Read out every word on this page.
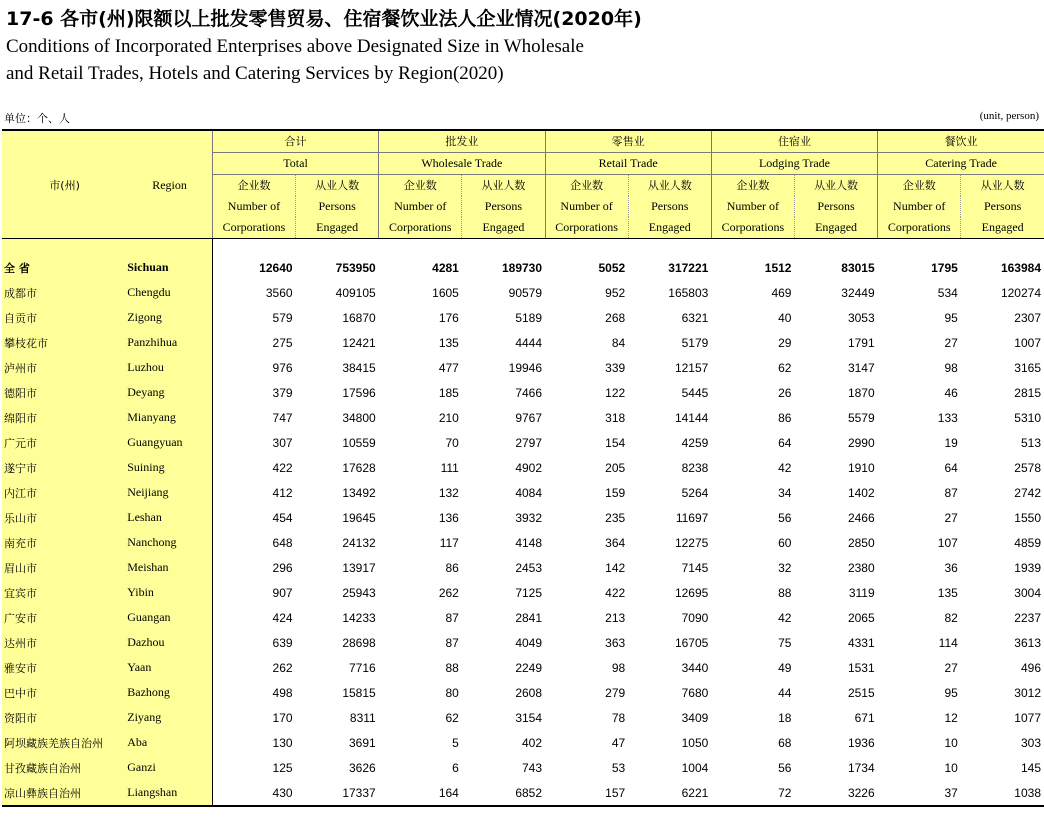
17-6 各市(州)限额以上批发零售贸易、住宿餐饮业法人企业情况(2020年)
Conditions of Incorporated Enterprises above Designated Size in Wholesale
and Retail Trades, Hotels and Catering Services by Region(2020)
单位：个、人	(unit, person)
		合计		批发业		零售业		住宿业		餐饮业	
		Total		Wholesale Trade		Retail Trade		Lodging Trade		Catering Trade	
市(州)	Region	企业数	从业人数	企业数	从业人数	企业数	从业人数	企业数	从业人数	企业数	从业人数
		Number of	Persons	Number of	Persons	Number of	Persons	Number of	Persons	Number of	Persons
		Corporations	Engaged	Corporations	Engaged	Corporations	Engaged	Corporations	Engaged	Corporations	Engaged

全 省	Sichuan	12640	753950	4281	189730	5052	317221	1512	83015	1795	163984
成都市	Chengdu	3560	409105	1605	90579	952	165803	469	32449	534	120274
自贡市	Zigong	579	16870	176	5189	268	6321	40	3053	95	2307
攀枝花市	Panzhihua	275	12421	135	4444	84	5179	29	1791	27	1007
泸州市	Luzhou	976	38415	477	19946	339	12157	62	3147	98	3165
德阳市	Deyang	379	17596	185	7466	122	5445	26	1870	46	2815
绵阳市	Mianyang	747	34800	210	9767	318	14144	86	5579	133	5310
广元市	Guangyuan	307	10559	70	2797	154	4259	64	2990	19	513
遂宁市	Suining	422	17628	111	4902	205	8238	42	1910	64	2578
内江市	Neijiang	412	13492	132	4084	159	5264	34	1402	87	2742
乐山市	Leshan	454	19645	136	3932	235	11697	56	2466	27	1550
南充市	Nanchong	648	24132	117	4148	364	12275	60	2850	107	4859
眉山市	Meishan	296	13917	86	2453	142	7145	32	2380	36	1939
宜宾市	Yibin	907	25943	262	7125	422	12695	88	3119	135	3004
广安市	Guangan	424	14233	87	2841	213	7090	42	2065	82	2237
达州市	Dazhou	639	28698	87	4049	363	16705	75	4331	114	3613
雅安市	Yaan	262	7716	88	2249	98	3440	49	1531	27	496
巴中市	Bazhong	498	15815	80	2608	279	7680	44	2515	95	3012
资阳市	Ziyang	170	8311	62	3154	78	3409	18	671	12	1077
阿坝藏族羌族自治州	Aba	130	3691	5	402	47	1050	68	1936	10	303
甘孜藏族自治州	Ganzi	125	3626	6	743	53	1004	56	1734	10	145
凉山彝族自治州	Liangshan	430	17337	164	6852	157	6221	72	3226	37	1038
